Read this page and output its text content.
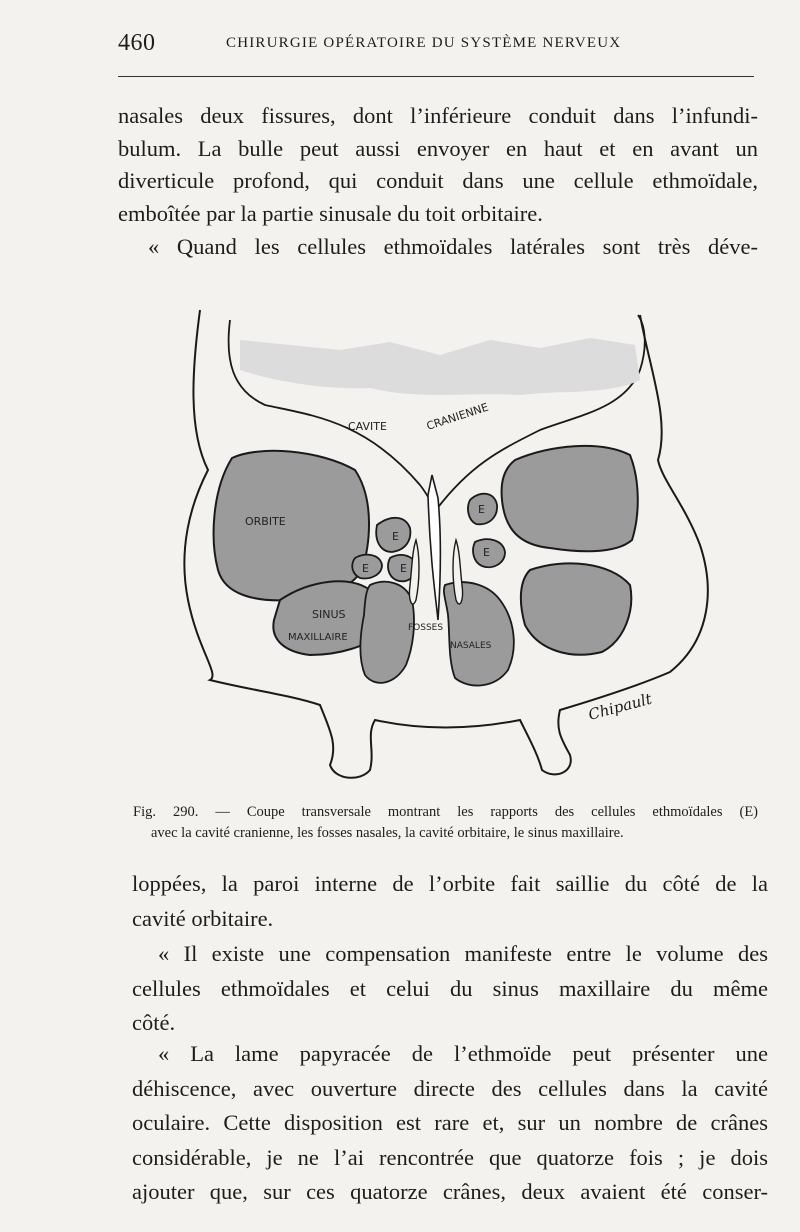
460	CHIRURGIE OPÉRATOIRE DU SYSTÈME NERVEUX

nasales deux fissures, dont l’inférieure conduit dans l’infundi-
bulum. La bulle peut aussi envoyer en haut et en avant un
diverticule profond, qui conduit dans une cellule ethmoïdale,
emboîtée par la partie sinusale du toit orbitaire.
« Quand les cellules ethmoïdales latérales sont très déve-

CAVITE	CRANIENNE
ORBITE
E
E	E
E
E
SINUS
MAXILLAIRE
FOSSES
NASALES
Chipault
Fig. 290. — Coupe transversale montrant les rapports des cellules ethmoïdales (E)
avec la cavité cranienne, les fosses nasales, la cavité orbitaire, le sinus maxillaire.

loppées, la paroi interne de l’orbite fait saillie du côté de la
cavité orbitaire.

« Il existe une compensation manifeste entre le volume des
cellules ethmoïdales et celui du sinus maxillaire du même
côté.

« La lame papyracée de l’ethmoïde peut présenter une
déhiscence, avec ouverture directe des cellules dans la cavité
oculaire. Cette disposition est rare et, sur un nombre de crânes
considérable, je ne l’ai rencontrée que quatorze fois ; je dois
ajouter que, sur ces quatorze crânes, deux avaient été conser-
